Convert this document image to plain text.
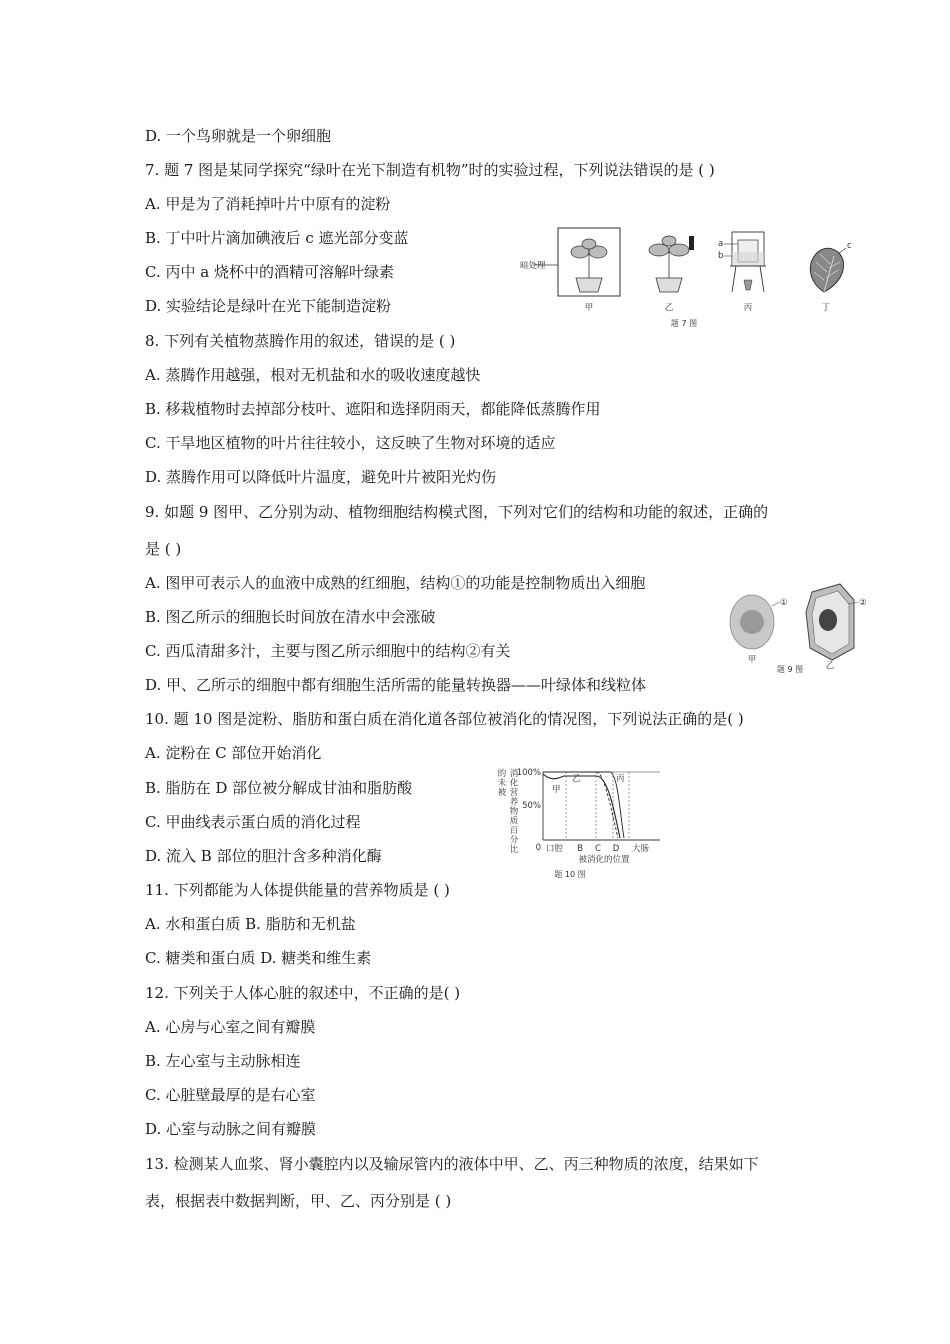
D. 一个鸟卵就是一个卵细胞
7. 题 7 图是某同学探究“绿叶在光下制造有机物”时的实验过程，下列说法错误的是 ( )
A. 甲是为了消耗掉叶片中原有的淀粉
B. 丁中叶片滴加碘液后 c 遮光部分变蓝
C. 丙中 a 烧杯中的酒精可溶解叶绿素
D. 实验结论是绿叶在光下能制造淀粉
8. 下列有关植物蒸腾作用的叙述，错误的是 ( )
A. 蒸腾作用越强，根对无机盐和水的吸收速度越快
B. 移栽植物时去掉部分枝叶、遮阳和选择阴雨天，都能降低蒸腾作用
C. 干旱地区植物的叶片往往较小，这反映了生物对环境的适应
D. 蒸腾作用可以降低叶片温度，避免叶片被阳光灼伤
9. 如题 9 图甲、乙分别为动、植物细胞结构模式图，下列对它们的结构和功能的叙述，正确的
是 ( )
A. 图甲可表示人的血液中成熟的红细胞，结构①的功能是控制物质出入细胞
B. 图乙所示的细胞长时间放在清水中会涨破
C. 西瓜清甜多汁，主要与图乙所示细胞中的结构②有关
D. 甲、乙所示的细胞中都有细胞生活所需的能量转换器——叶绿体和线粒体
10. 题 10 图是淀粉、脂肪和蛋白质在消化道各部位被消化的情况图，下列说法正确的是( )
A. 淀粉在 C 部位开始消化
B. 脂肪在 D 部位被分解成甘油和脂肪酸
C. 甲曲线表示蛋白质的消化过程
D. 流入 B 部位的胆汁含多种消化酶
11. 下列都能为人体提供能量的营养物质是 ( )
A. 水和蛋白质 B. 脂肪和无机盐
C. 糖类和蛋白质 D. 糖类和维生素
12. 下列关于人体心脏的叙述中，不正确的是( )
A. 心房与心室之间有瓣膜
B. 左心室与主动脉相连
C. 心脏壁最厚的是右心室
D. 心室与动脉之间有瓣膜
13. 检测某人血浆、肾小囊腔内以及输尿管内的液体中甲、乙、丙三种物质的浓度，结果如下
表，根据表中数据判断，甲、乙、丙分别是 ( )
暗处理
a
b
c
甲	乙	丙	丁
题 7 图
①	②
甲
乙
题 9 图
的
未
被
消
化
营
养
物
质
百
分
比
100%
50%
0
甲
乙	丙
口腔 B C D 大肠
被消化的位置
题 10 图
